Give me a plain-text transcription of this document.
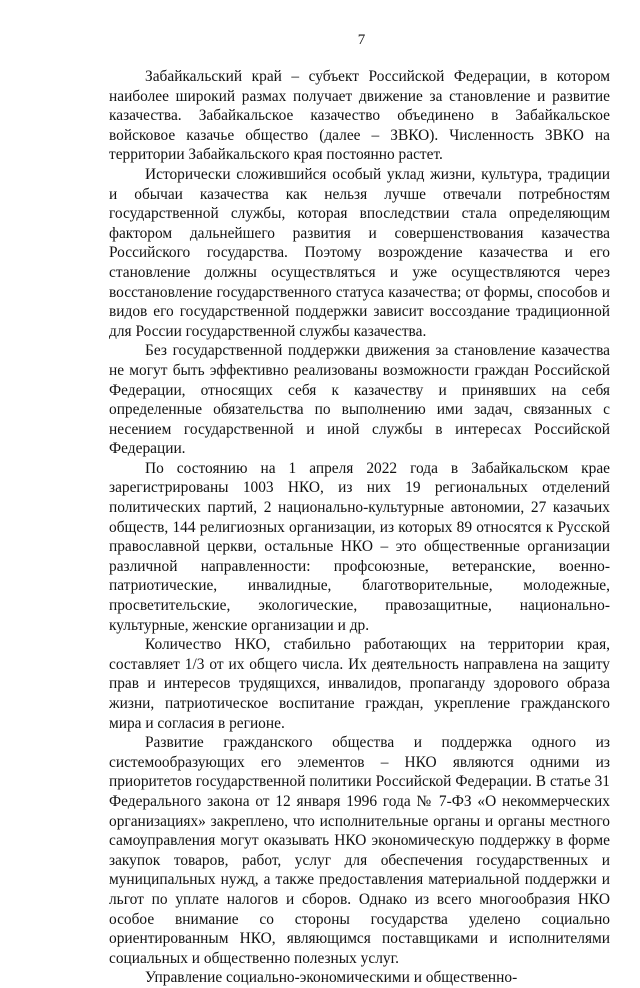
7

Забайкальский край – субъект Российской Федерации, в котором наиболее широкий размах получает движение за становление и развитие казачества. Забайкальское казачество объединено в Забайкальское войсковое казачье общество (далее – ЗВКО). Численность ЗВКО на территории Забайкальского края постоянно растет.

Исторически сложившийся особый уклад жизни, культура, традиции и обычаи казачества как нельзя лучше отвечали потребностям государственной службы, которая впоследствии стала определяющим фактором дальнейшего развития и совершенствования казачества Российского государства. Поэтому возрождение казачества и его становление должны осуществляться и уже осуществляются через восстановление государственного статуса казачества; от формы, способов и видов его государственной поддержки зависит воссоздание традиционной для России государственной службы казачества.

Без государственной поддержки движения за становление казачества не могут быть эффективно реализованы возможности граждан Российской Федерации, относящих себя к казачеству и принявших на себя определенные обязательства по выполнению ими задач, связанных с несением государственной и иной службы в интересах Российской Федерации.

По состоянию на 1 апреля 2022 года в Забайкальском крае зарегистрированы 1003 НКО, из них 19 региональных отделений политических партий, 2 национально-культурные автономии, 27 казачьих обществ, 144 религиозных организации, из которых 89 относятся к Русской православной церкви, остальные НКО – это общественные организации различной направленности: профсоюзные, ветеранские, военно-патриотические, инвалидные, благотворительные, молодежные, просветительские, экологические, правозащитные, национально-культурные, женские организации и др.

Количество НКО, стабильно работающих на территории края, составляет 1/3 от их общего числа. Их деятельность направлена на защиту прав и интересов трудящихся, инвалидов, пропаганду здорового образа жизни, патриотическое воспитание граждан, укрепление гражданского мира и согласия в регионе.

Развитие гражданского общества и поддержка одного из системообразующих его элементов – НКО являются одними из приоритетов государственной политики Российской Федерации. В статье 31 Федерального закона от 12 января 1996 года № 7-ФЗ «О некоммерческих организациях» закреплено, что исполнительные органы и органы местного самоуправления могут оказывать НКО экономическую поддержку в форме закупок товаров, работ, услуг для обеспечения государственных и муниципальных нужд, а также предоставления материальной поддержки и льгот по уплате налогов и сборов. Однако из всего многообразия НКО особое внимание со стороны государства уделено социально ориентированным НКО, являющимся поставщиками и исполнителями социальных и общественно полезных услуг.

Управление социально-экономическими и общественно-
